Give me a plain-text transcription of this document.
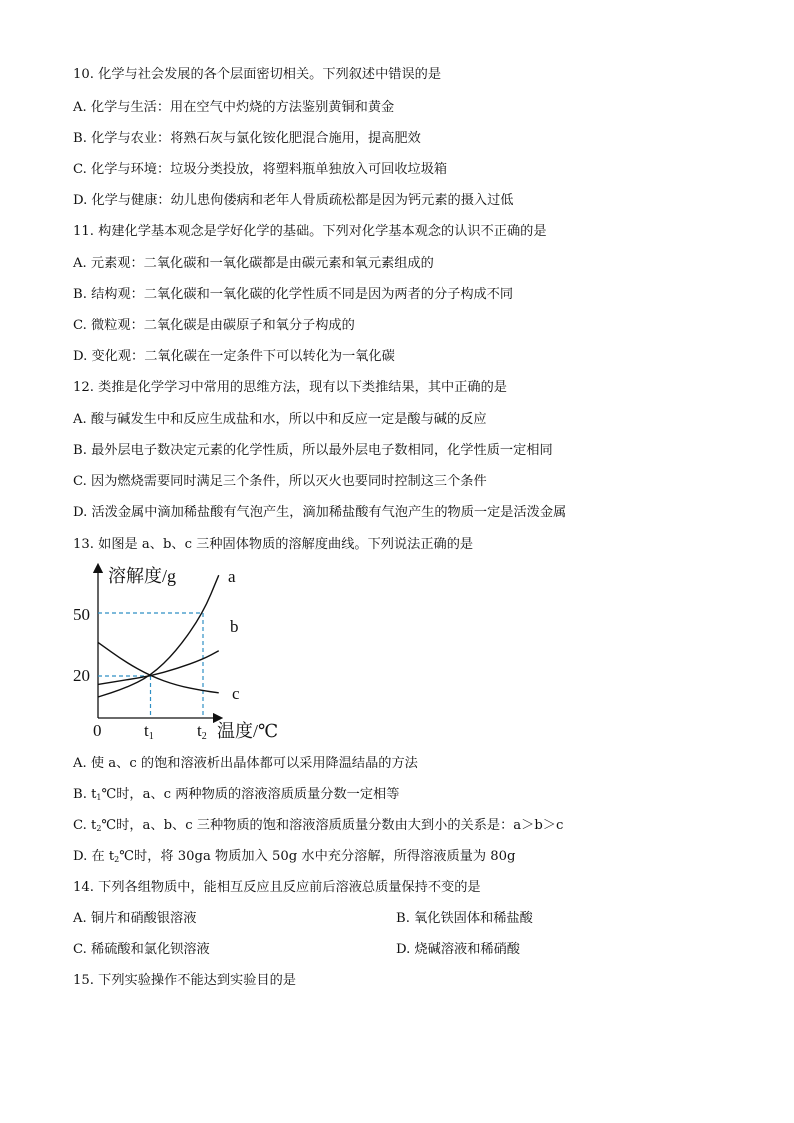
10. 化学与社会发展的各个层面密切相关。下列叙述中错误的是
A. 化学与生活：用在空气中灼烧的方法鉴别黄铜和黄金
B. 化学与农业：将熟石灰与氯化铵化肥混合施用，提高肥效
C. 化学与环境：垃圾分类投放，将塑料瓶单独放入可回收垃圾箱
D. 化学与健康：幼儿患佝偻病和老年人骨质疏松都是因为钙元素的摄入过低
11. 构建化学基本观念是学好化学的基础。下列对化学基本观念的认识不正确的是
A. 元素观：二氧化碳和一氧化碳都是由碳元素和氧元素组成的
B. 结构观：二氧化碳和一氧化碳的化学性质不同是因为两者的分子构成不同
C. 微粒观：二氧化碳是由碳原子和氧分子构成的
D. 变化观：二氧化碳在一定条件下可以转化为一氧化碳
12. 类推是化学学习中常用的思维方法，现有以下类推结果，其中正确的是
A. 酸与碱发生中和反应生成盐和水，所以中和反应一定是酸与碱的反应
B. 最外层电子数决定元素的化学性质，所以最外层电子数相同，化学性质一定相同
C. 因为燃烧需要同时满足三个条件，所以灭火也要同时控制这三个条件
D. 活泼金属中滴加稀盐酸有气泡产生，滴加稀盐酸有气泡产生的物质一定是活泼金属
13. 如图是 a、b、c 三种固体物质的溶解度曲线。下列说法正确的是
溶解度/g
50
20
0	t1	t2 温度/℃
a
b
c
A. 使 a、c 的饱和溶液析出晶体都可以采用降温结晶的方法
B. $t_1℃$时，a、c 两种物质的溶液溶质质量分数一定相等
C. $t_2℃$时，a、b、c 三种物质的饱和溶液溶质质量分数由大到小的关系是：a＞b＞c
D. 在 $t_2℃$时，将 30ga 物质加入 50g 水中充分溶解，所得溶液质量为 80g
14. 下列各组物质中，能相互反应且反应前后溶液总质量保持不变的是
A. 铜片和硝酸银溶液	B. 氧化铁固体和稀盐酸
C. 稀硫酸和氯化钡溶液	D. 烧碱溶液和稀硝酸
15. 下列实验操作不能达到实验目的是
